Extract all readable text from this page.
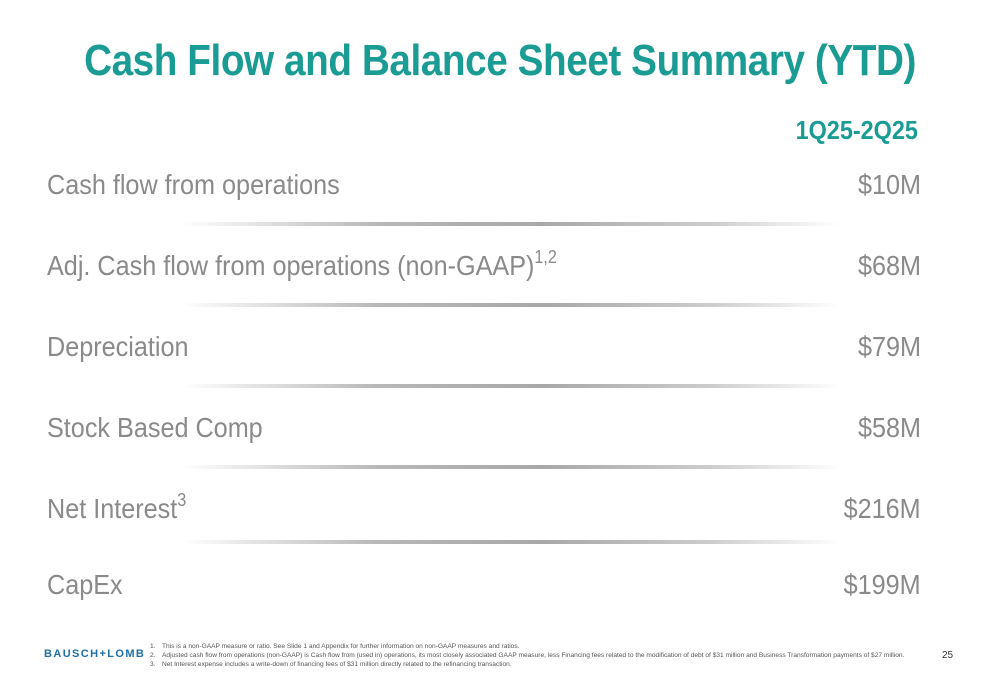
Cash Flow and Balance Sheet Summary (YTD)
1Q25-2Q25
Cash flow from operations	$10M
Adj. Cash flow from operations (non-GAAP)$^{1,2}$	$68M
Depreciation	$79M
Stock Based Comp	$58M
Net Interest$^3$	$216M
CapEx	$199M
BAUSCH+LOMB
1. This is a non-GAAP measure or ratio. See Slide 1 and Appendix for further information on non-GAAP measures and ratios.
2. Adjusted cash flow from operations (non-GAAP) is Cash flow from (used in) operations, its most closely associated GAAP measure, less Financing fees related to the modification of debt of $31 million and Business Transformation payments of $27 million.
3. Net Interest expense includes a write-down of financing fees of $31 million directly related to the refinancing transaction.
25
